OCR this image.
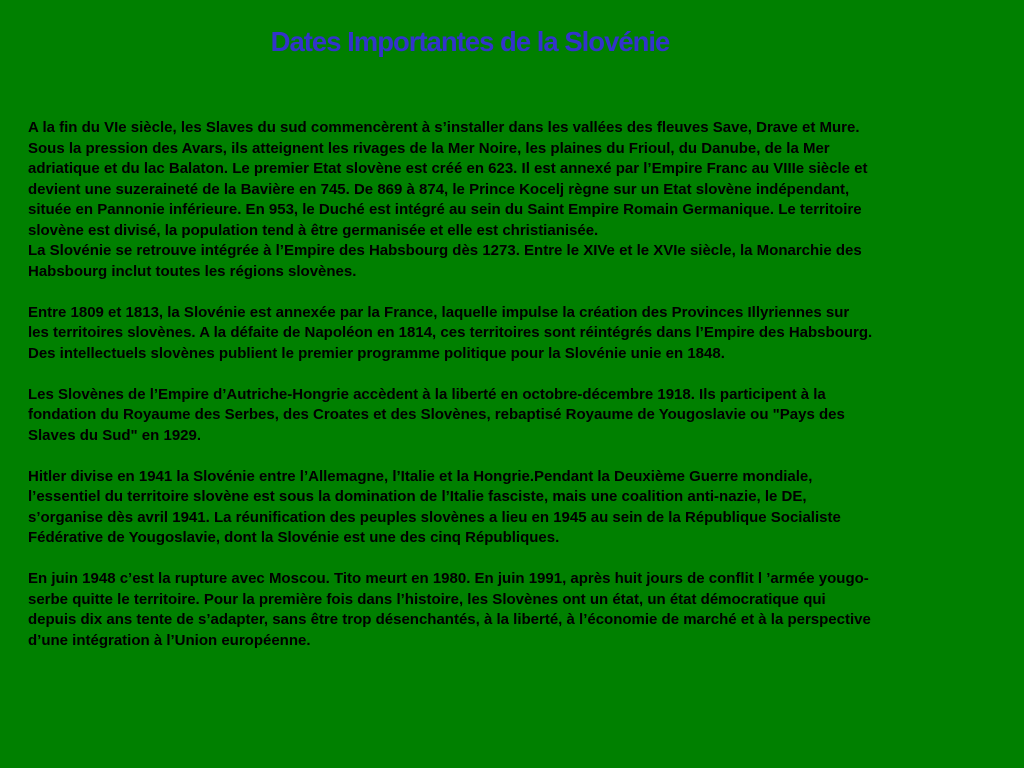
Dates Importantes de la Slovénie

A la fin du VIe siècle, les Slaves du sud commencèrent à s’installer dans les vallées des fleuves Save, Drave et Mure.
Sous la pression des Avars, ils atteignent les rivages de la Mer Noire, les plaines du Frioul, du Danube, de la Mer
adriatique et du lac Balaton. Le premier Etat slovène est créé en 623. Il est annexé par l’Empire Franc au VIIIe siècle et
devient une suzeraineté de la Bavière en 745. De 869 à 874, le Prince Kocelj règne sur un Etat slovène indépendant,
située en Pannonie inférieure. En 953, le Duché est intégré au sein du Saint Empire Romain Germanique. Le territoire
slovène est divisé, la population tend à être germanisée et elle est christianisée.
La Slovénie se retrouve intégrée à l’Empire des Habsbourg dès 1273. Entre le XIVe et le XVIe siècle, la Monarchie des
Habsbourg inclut toutes les régions slovènes.

Entre 1809 et 1813, la Slovénie est annexée par la France, laquelle impulse la création des Provinces Illyriennes sur
les territoires slovènes. A la défaite de Napoléon en 1814, ces territoires sont réintégrés dans l’Empire des Habsbourg.
Des intellectuels slovènes publient le premier programme politique pour la Slovénie unie en 1848.

Les Slovènes de l’Empire d’Autriche-Hongrie accèdent à la liberté en octobre-décembre 1918. Ils participent à la
fondation du Royaume des Serbes, des Croates et des Slovènes, rebaptisé Royaume de Yougoslavie ou "Pays des
Slaves du Sud" en 1929.

Hitler divise en 1941 la Slovénie entre l’Allemagne, l’Italie et la Hongrie.Pendant la Deuxième Guerre mondiale,
l’essentiel du territoire slovène est sous la domination de l’Italie fasciste, mais une coalition anti-nazie, le DE,
s’organise dès avril 1941. La réunification des peuples slovènes a lieu en 1945 au sein de la République Socialiste
Fédérative de Yougoslavie, dont la Slovénie est une des cinq Républiques.

En juin 1948 c’est la rupture avec Moscou. Tito meurt en 1980. En juin 1991, après huit jours de conflit l ’armée yougo-
serbe quitte le territoire. Pour la première fois dans l’histoire, les Slovènes ont un état, un état démocratique qui
depuis dix ans tente de s’adapter, sans être trop désenchantés, à la liberté, à l’économie de marché et à la perspective
d’une intégration à l’Union européenne.
